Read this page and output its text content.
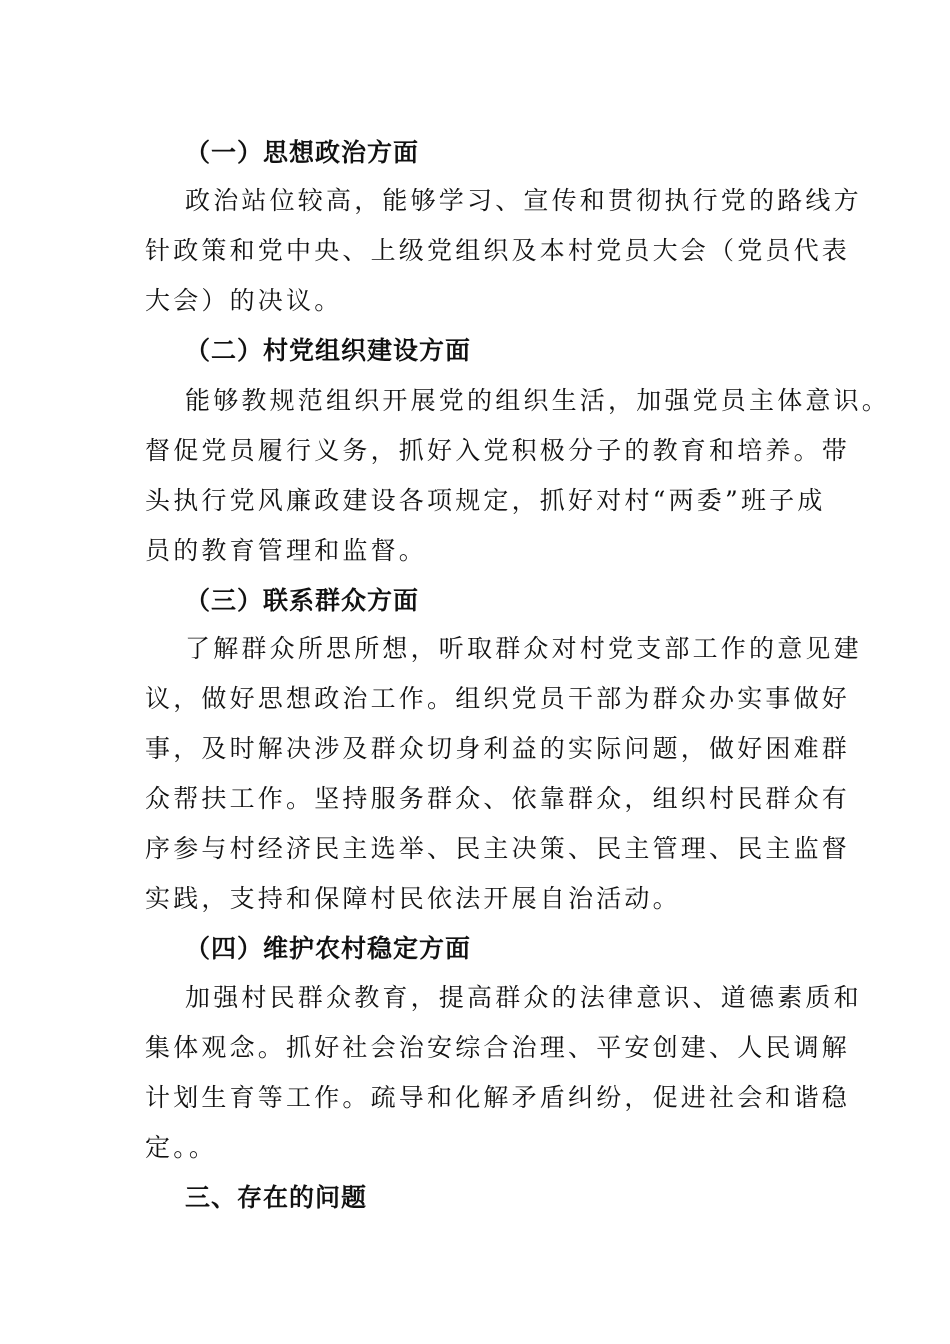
（一）思想政治方面
政治站位较高，能够学习、宣传和贯彻执行党的路线方
针政策和党中央、上级党组织及本村党员大会（党员代表
大会）的决议。
（二）村党组织建设方面
能够教规范组织开展党的组织生活，加强党员主体意识。
督促党员履行义务，抓好入党积极分子的教育和培养。带
头执行党风廉政建设各项规定，抓好对村“两委”班子成
员的教育管理和监督。
（三）联系群众方面
了解群众所思所想，听取群众对村党支部工作的意见建
议，做好思想政治工作。组织党员干部为群众办实事做好
事，及时解决涉及群众切身利益的实际问题，做好困难群
众帮扶工作。坚持服务群众、依靠群众，组织村民群众有
序参与村经济民主选举、民主决策、民主管理、民主监督
实践，支持和保障村民依法开展自治活动。
（四）维护农村稳定方面
加强村民群众教育，提高群众的法律意识、道德素质和
集体观念。抓好社会治安综合治理、平安创建、人民调解
计划生育等工作。疏导和化解矛盾纠纷，促进社会和谐稳
定。。
三、存在的问题
